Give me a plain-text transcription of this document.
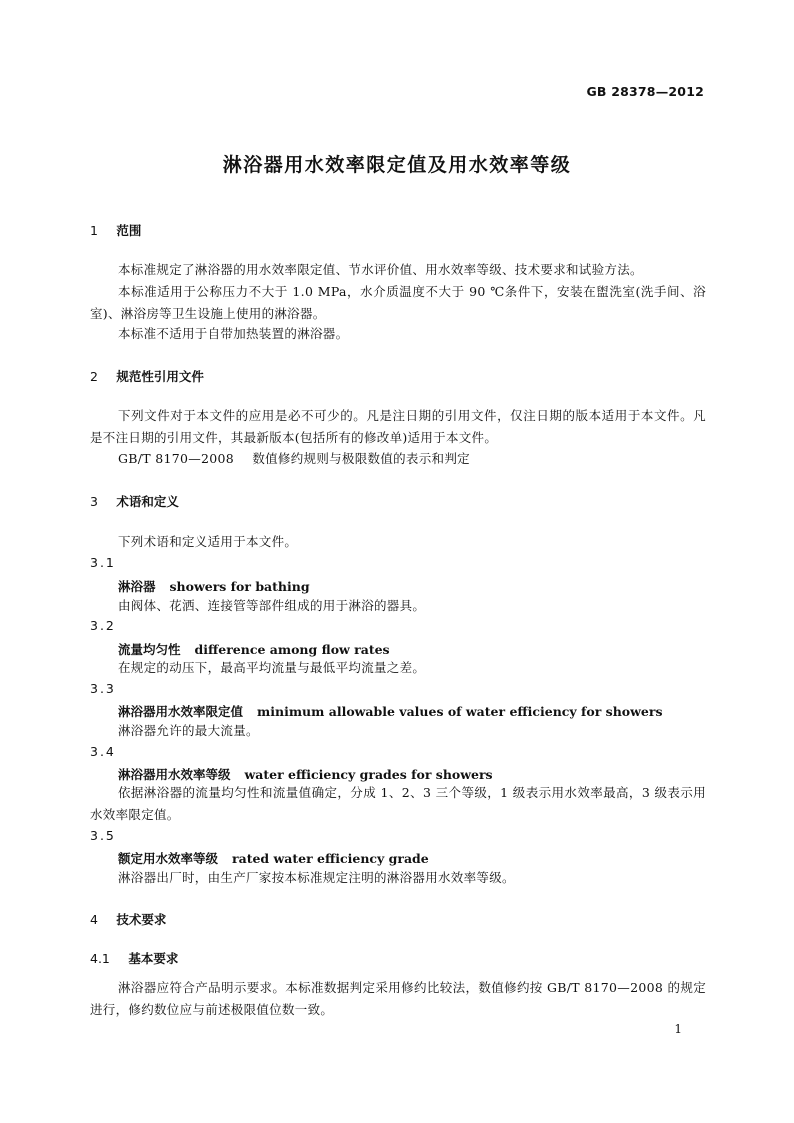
GB 28378—2012
淋浴器用水效率限定值及用水效率等级
1 范围
本标准规定了淋浴器的用水效率限定值、节水评价值、用水效率等级、技术要求和试验方法。
本标准适用于公称压力不大于 1.0 MPa，水介质温度不大于 90 ℃条件下，安装在盥洗室(洗手间、浴室)、淋浴房等卫生设施上使用的淋浴器。
本标准不适用于自带加热装置的淋浴器。
2 规范性引用文件
下列文件对于本文件的应用是必不可少的。凡是注日期的引用文件，仅注日期的版本适用于本文件。凡是不注日期的引用文件，其最新版本(包括所有的修改单)适用于本文件。
GB/T 8170—2008 数值修约规则与极限数值的表示和判定
3 术语和定义
下列术语和定义适用于本文件。
3.1
淋浴器 showers for bathing
由阀体、花洒、连接管等部件组成的用于淋浴的器具。
3.2
流量均匀性 difference among flow rates
在规定的动压下，最高平均流量与最低平均流量之差。
3.3
淋浴器用水效率限定值 minimum allowable values of water efficiency for showers
淋浴器允许的最大流量。
3.4
淋浴器用水效率等级 water efficiency grades for showers
依据淋浴器的流量均匀性和流量值确定，分成 1、2、3 三个等级，1 级表示用水效率最高，3 级表示用水效率限定值。
3.5
额定用水效率等级 rated water efficiency grade
淋浴器出厂时，由生产厂家按本标准规定注明的淋浴器用水效率等级。
4 技术要求
4.1 基本要求
淋浴器应符合产品明示要求。本标准数据判定采用修约比较法，数值修约按 GB/T 8170—2008 的规定进行，修约数位应与前述极限值位数一致。
1
